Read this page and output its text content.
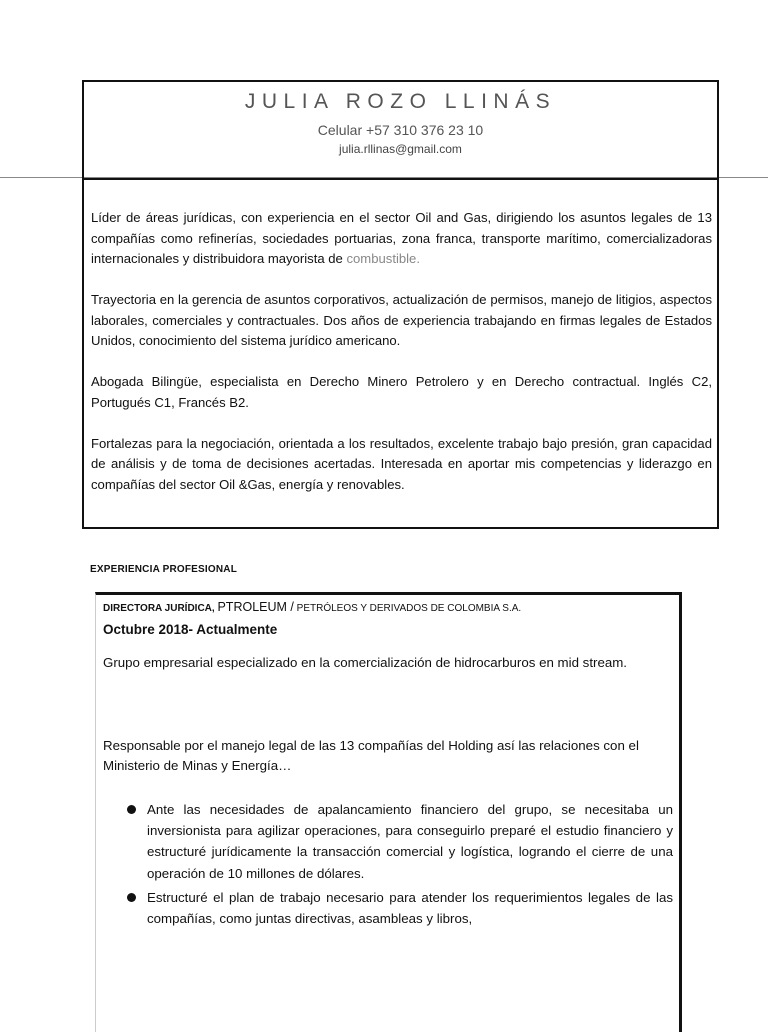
JULIA ROZO LLINÁS
Celular +57 310 376 23 10
julia.rllinas@gmail.com

Líder de áreas jurídicas, con experiencia en el sector Oil and Gas, dirigiendo los asuntos legales de 13 compañías como refinerías, sociedades portuarias, zona franca, transporte marítimo, comercializadoras internacionales y distribuidora mayorista de combustible.

Trayectoria en la gerencia de asuntos corporativos, actualización de permisos, manejo de litigios, aspectos laborales, comerciales y contractuales. Dos años de experiencia trabajando en firmas legales de Estados Unidos, conocimiento del sistema jurídico americano.

Abogada Bilingüe, especialista en Derecho Minero Petrolero y en Derecho contractual. Inglés C2, Portugués C1, Francés B2.

Fortalezas para la negociación, orientada a los resultados, excelente trabajo bajo presión, gran capacidad de análisis y de toma de decisiones acertadas. Interesada en aportar mis competencias y liderazgo en compañías del sector Oil &Gas, energía y renovables.

EXPERIENCIA PROFESIONAL
DIRECTORA JURÍDICA, PTROLEUM / PETRÓLEOS Y DERIVADOS DE COLOMBIA S.A.
Octubre 2018- Actualmente
Grupo empresarial especializado en la comercialización de hidrocarburos en mid stream.
Responsable por el manejo legal de las 13 compañías del Holding así las relaciones con el Ministerio de Minas y Energía…
Ante las necesidades de apalancamiento financiero del grupo, se necesitaba un inversionista para agilizar operaciones, para conseguirlo preparé el estudio financiero y estructuré jurídicamente la transacción comercial y logística, logrando el cierre de una operación de 10 millones de dólares.
Estructuré el plan de trabajo necesario para atender los requerimientos legales de las compañías, como juntas directivas, asambleas y libros,
